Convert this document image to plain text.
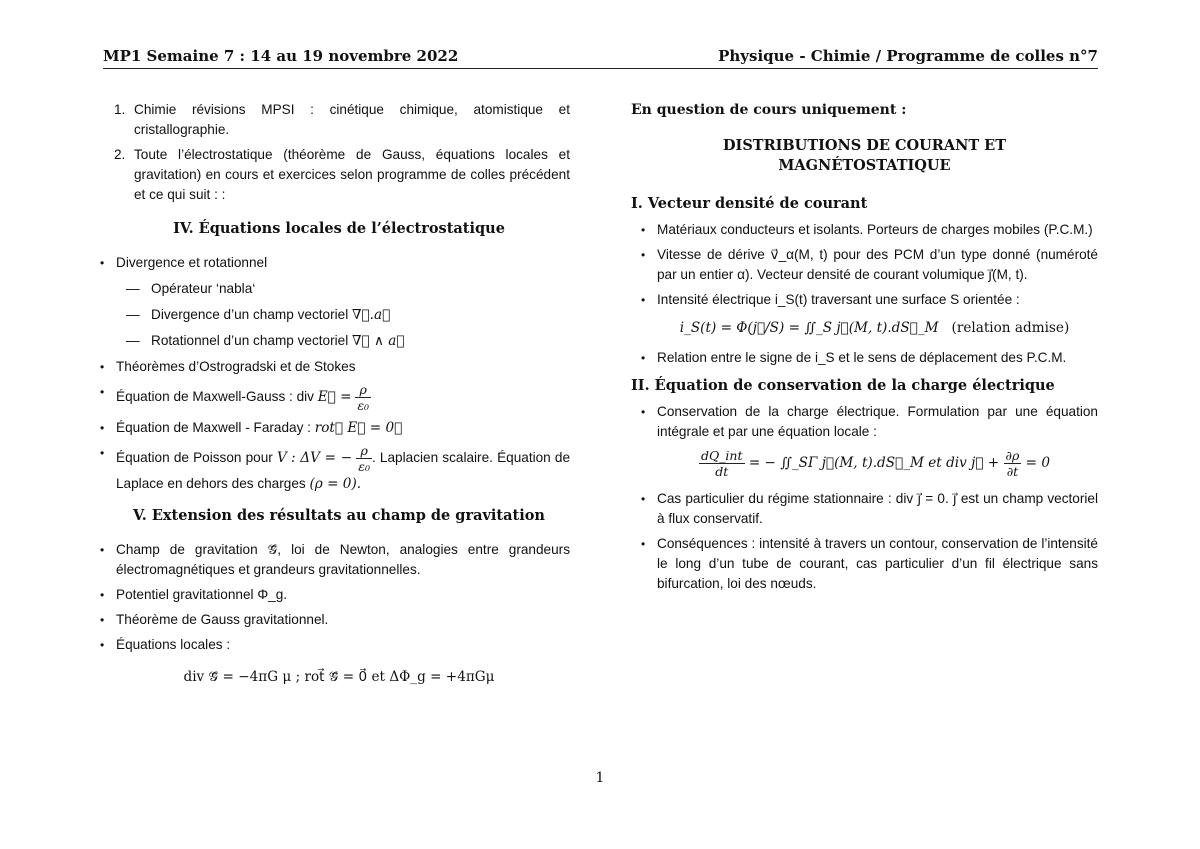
MP1 Semaine 7 : 14 au 19 novembre 2022	Physique - Chimie / Programme de colles n°7
1. Chimie révisions MPSI : cinétique chimique, atomistique et cristallographie.
2. Toute l’électrostatique (théorème de Gauss, équations locales et gravitation) en cours et exercices selon programme de colles précédent et ce qui suit : :
IV. Équations locales de l’électrostatique
• Divergence et rotationnel
— Opérateur ‘nabla‘
— Divergence d’un champ vectoriel ∇⃗.a⃗
— Rotationnel d’un champ vectoriel ∇⃗ ∧ a⃗
• Théorèmes d’Ostrogradski et de Stokes
• Équation de Maxwell-Gauss : div E⃗ = $\frac{\rho}{\text{ε₀}}$
• Équation de Maxwell - Faraday : rot⃗ E⃗ = 0⃗
• Équation de Poisson pour V : ΔV = − $\frac{\rho}{\text{ε₀}}$ . Laplacien scalaire. Équation de Laplace en dehors des charges (ρ = 0).
V. Extension des résultats au champ de gravitation
• Champ de gravitation 𝒢⃗, loi de Newton, analogies entre grandeurs électromagnétiques et grandeurs gravitationnelles.
• Potentiel gravitationnel Φ_g.
• Théorème de Gauss gravitationnel.
• Équations locales :
div 𝒢⃗ = −4πG μ ; rot⃗ 𝒢⃗ = 0⃗ et ΔΦ_g = +4πGμ
En question de cours uniquement :
DISTRIBUTIONS DE COURANT ET
MAGNÉTOSTATIQUE
I. Vecteur densité de courant
• Matériaux conducteurs et isolants. Porteurs de charges mobiles (P.C.M.)
• Vitesse de dérive v⃗_α(M, t) pour des PCM d’un type donné (numéroté par un entier α). Vecteur densité de courant volumique j⃗(M, t).
• Intensité électrique i_S(t) traversant une surface S orientée :
i_S(t) = Φ(j⃗/S) = ∬_S j⃗(M, t).dS⃗_M (relation admise)
• Relation entre le signe de i_S et le sens de déplacement des P.C.M.
II. Équation de conservation de la charge électrique
• Conservation de la charge électrique. Formulation par une équation intégrale et par une équation locale :
$\frac{\text{dQ\_int}}{dt}$ = − ∬_SΓ j⃗(M, t).dS⃗_M et div j⃗ + $\frac{\partial\rho}{\partial t} = 0$
• Cas particulier du régime stationnaire : div j⃗ = 0. j⃗ est un champ vectoriel à flux conservatif.
• Conséquences : intensité à travers un contour, conservation de l’intensité le long d’un tube de courant, cas particulier d’un fil électrique sans bifurcation, loi des nœuds.
1
